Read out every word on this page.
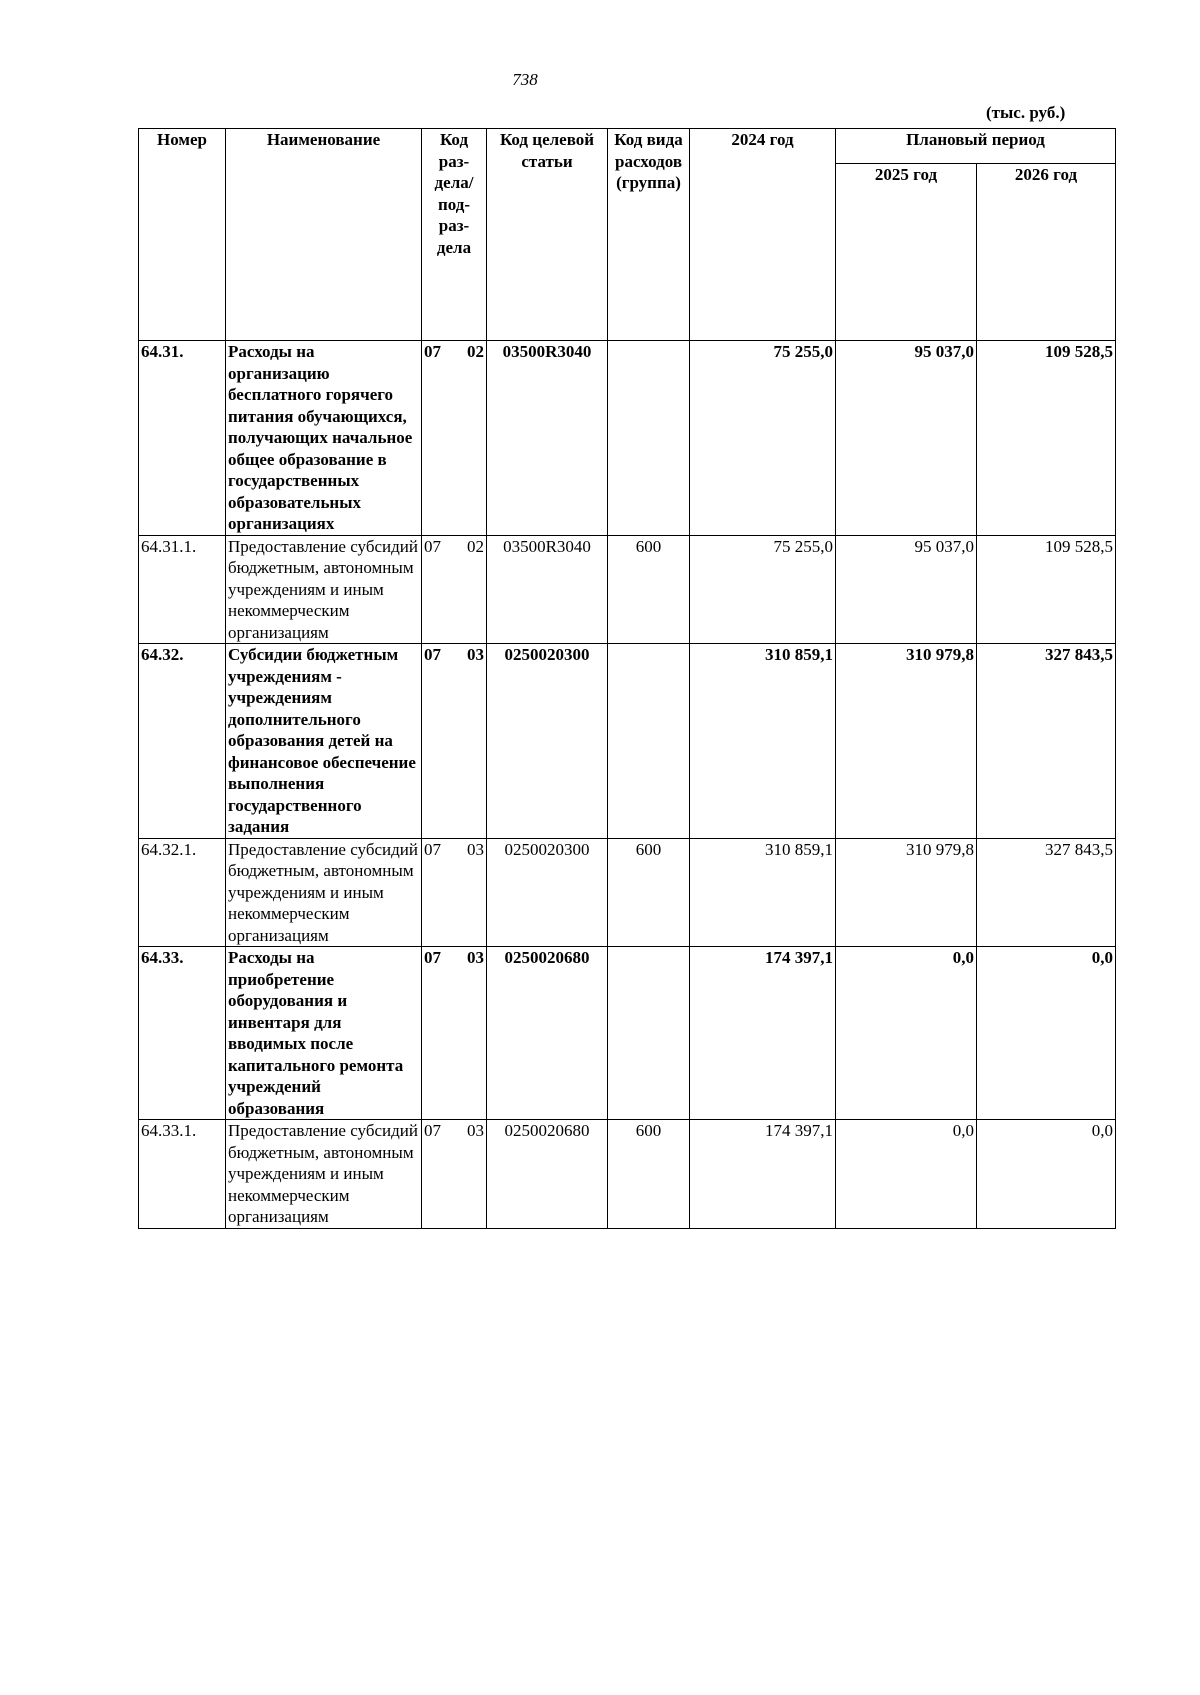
738
(тыс. руб.)
Номер	Наименование	Код раз-дела/ под-раз-дела	Код целевой статьи	Код вида расходов (группа)	2024 год	Плановый период	
						2025 год	2026 год
64.31.	Расходы на организацию бесплатного горячего питания обучающихся, получающих начальное общее образование в государственных образовательных организациях	07 02	03500R3040		75 255,0	95 037,0	109 528,5
64.31.1.	Предоставление субсидий бюджетным, автономным учреждениям и иным некоммерческим организациям	07 02	03500R3040	600	75 255,0	95 037,0	109 528,5
64.32.	Субсидии бюджетным учреждениям - учреждениям дополнительного образования детей на финансовое обеспечение выполнения государственного задания	07 03	0250020300		310 859,1	310 979,8	327 843,5
64.32.1.	Предоставление субсидий бюджетным, автономным учреждениям и иным некоммерческим организациям	07 03	0250020300	600	310 859,1	310 979,8	327 843,5
64.33.	Расходы на приобретение оборудования и инвентаря для вводимых после капитального ремонта учреждений образования	07 03	0250020680		174 397,1	0,0	0,0
64.33.1.	Предоставление субсидий бюджетным, автономным учреждениям и иным некоммерческим организациям	07 03	0250020680	600	174 397,1	0,0	0,0
